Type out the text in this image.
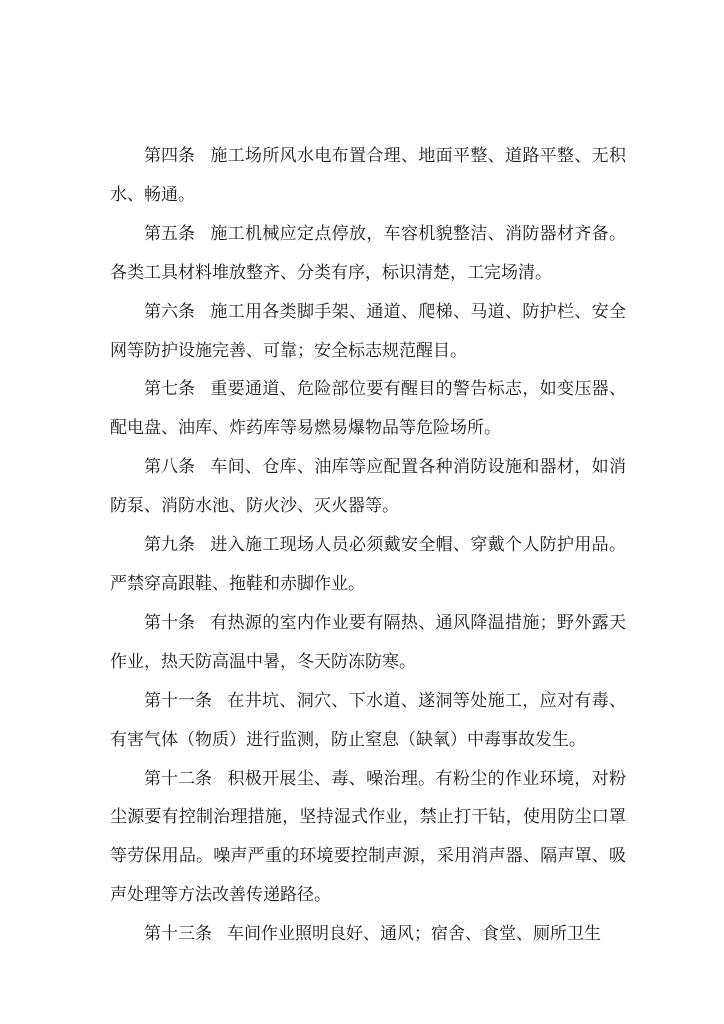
第四条 施工场所风水电布置合理、地面平整、道路平整、无积水、畅通。

第五条 施工机械应定点停放，车容机貌整洁、消防器材齐备。各类工具材料堆放整齐、分类有序，标识清楚，工完场清。

第六条 施工用各类脚手架、通道、爬梯、马道、防护栏、安全网等防护设施完善、可靠；安全标志规范醒目。

第七条 重要通道、危险部位要有醒目的警告标志，如变压器、配电盘、油库、炸药库等易燃易爆物品等危险场所。

第八条 车间、仓库、油库等应配置各种消防设施和器材，如消防泵、消防水池、防火沙、灭火器等。

第九条 进入施工现场人员必须戴安全帽、穿戴个人防护用品。严禁穿高跟鞋、拖鞋和赤脚作业。

第十条 有热源的室内作业要有隔热、通风降温措施；野外露天作业，热天防高温中暑，冬天防冻防寒。

第十一条 在井坑、洞穴、下水道、遂洞等处施工，应对有毒、有害气体（物质）进行监测，防止窒息（缺氧）中毒事故发生。

第十二条 积极开展尘、毒、噪治理。有粉尘的作业环境，对粉尘源要有控制治理措施，坚持湿式作业，禁止打干钻，使用防尘口罩等劳保用品。噪声严重的环境要控制声源，采用消声器、隔声罩、吸声处理等方法改善传递路径。

第十三条 车间作业照明良好、通风；宿舍、食堂、厕所卫生
